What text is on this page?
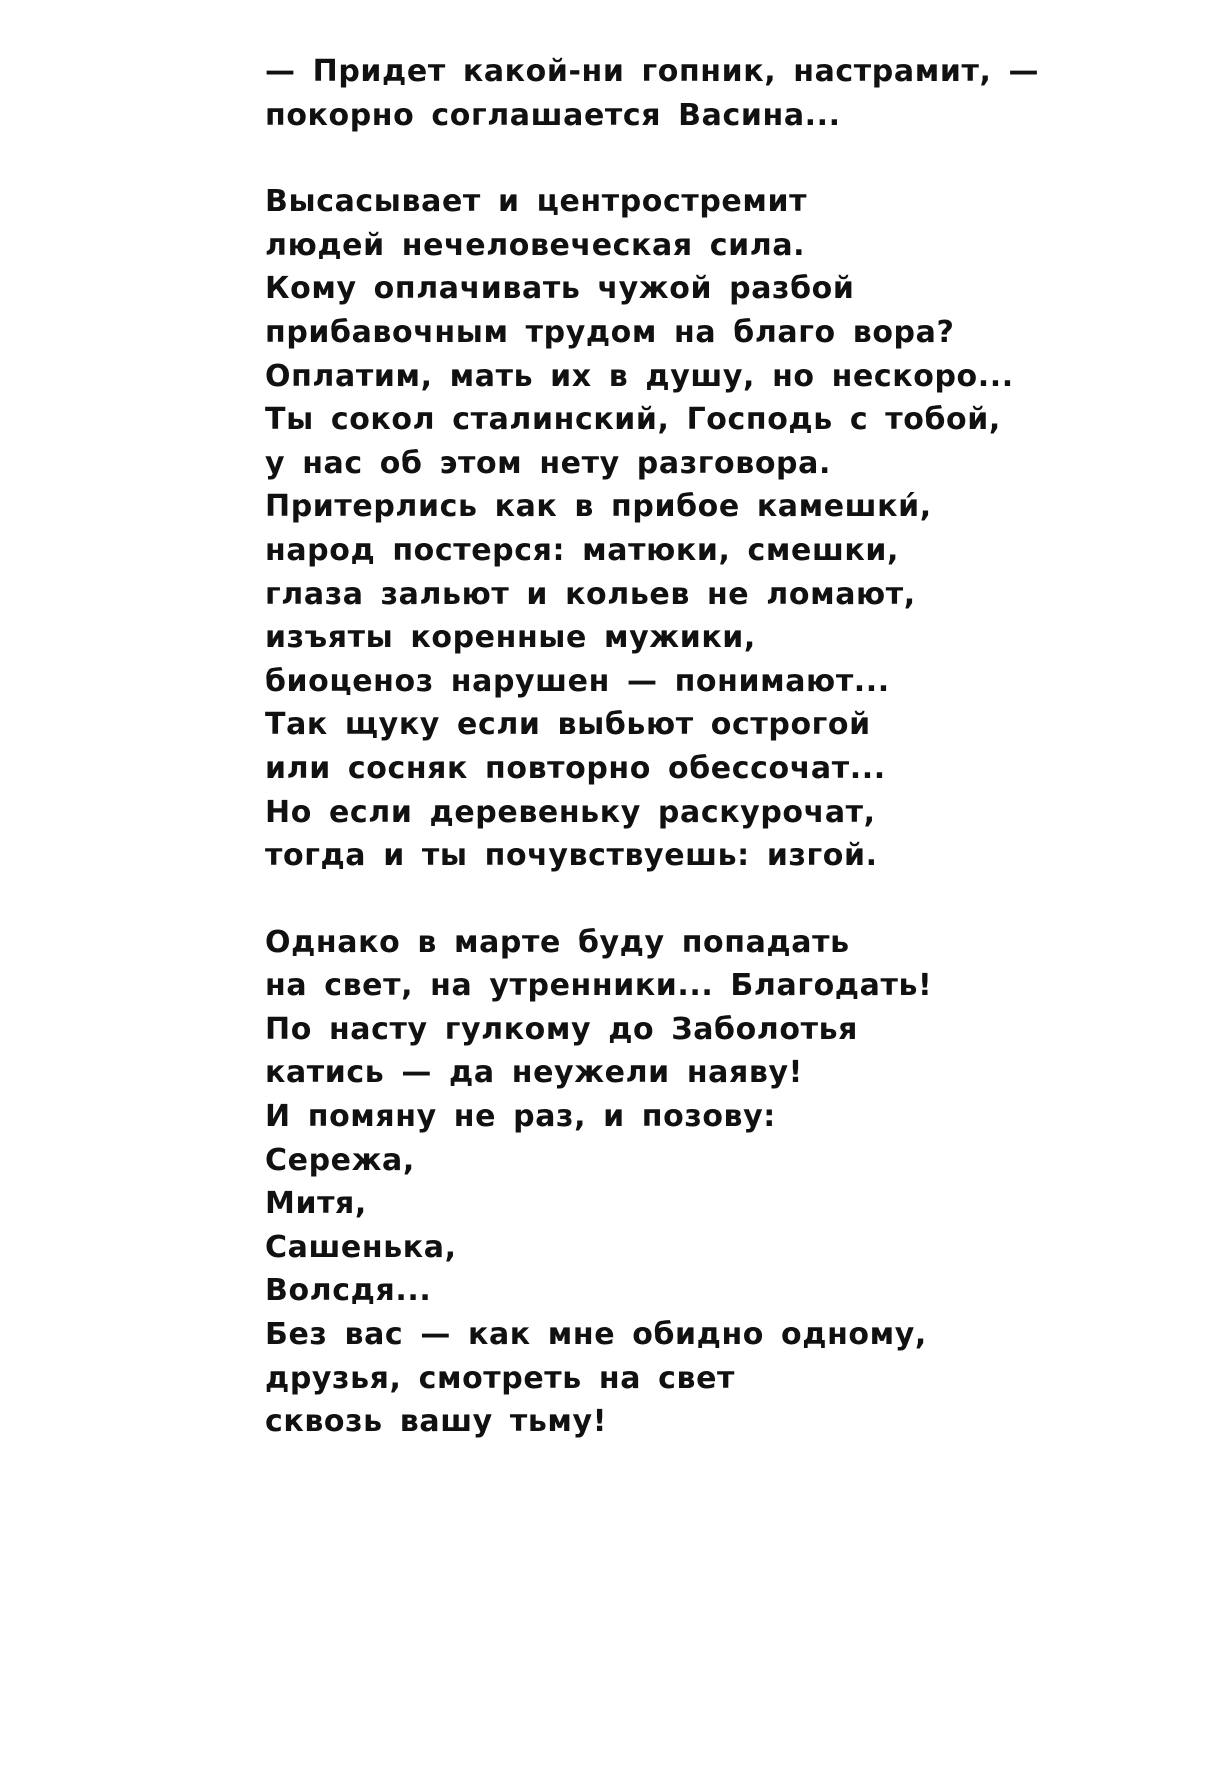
— Придет какой-ни гопник, настрамит, —
покорно соглашается Васина...
Высасывает и центростремит
людей нечеловеческая сила.
Кому оплачивать чужой разбой
прибавочным трудом на благо вора?
Оплатим, мать их в душу, но нескоро...
Ты сокол сталинский, Господь с тобой,
у нас об этом нету разговора.
Притерлись как в прибое камешки́,
народ постерся: матюки, смешки,
глаза зальют и кольев не ломают,
изъяты коренные мужики,
биоценоз нарушен — понимают...
Так щуку если выбьют острогой
или сосняк повторно обессочат...
Но если деревеньку раскурочат,
тогда и ты почувствуешь: изгой.
Однако в марте буду попадать
на свет, на утренники... Благодать!
По насту гулкому до Заболотья
катись — да неужели наяву!
И помяну не раз, и позову:
Сережа,
Митя,
Сашенька,
Волсдя...
Без вас — как мне обидно одному,
друзья, смотреть на свет
сквозь вашу тьму!
